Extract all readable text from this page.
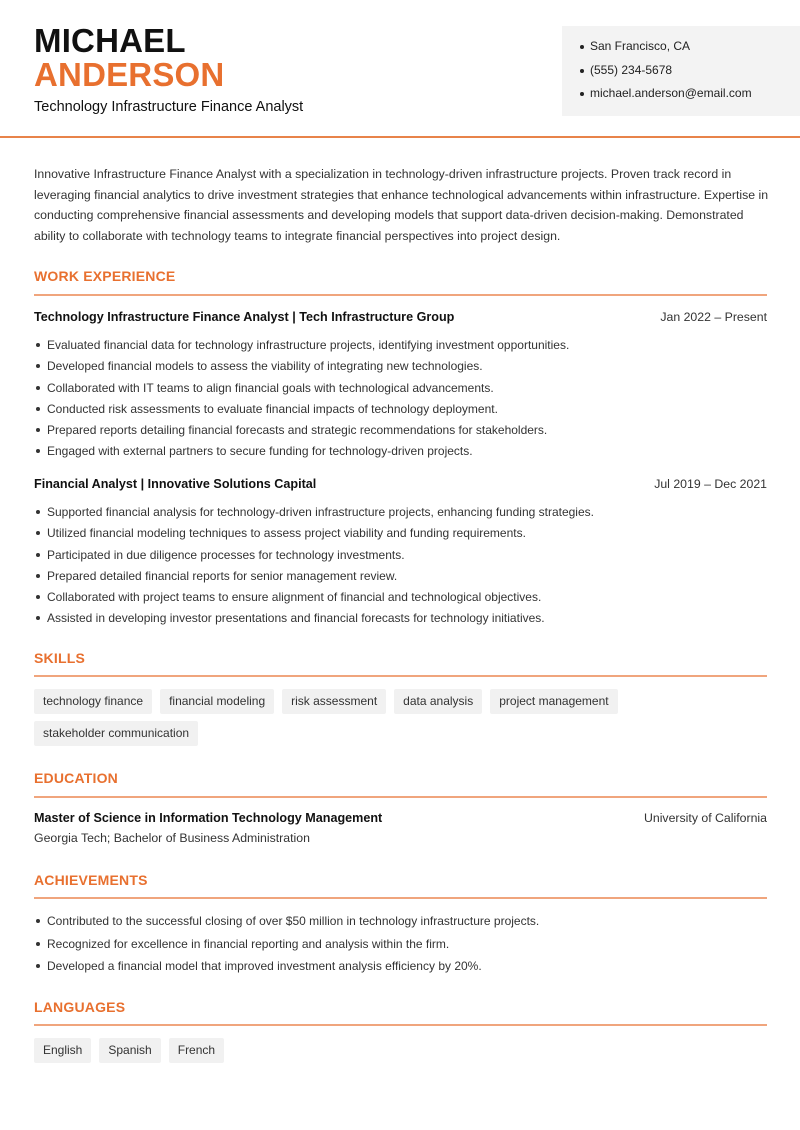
MICHAEL
ANDERSON
Technology Infrastructure Finance Analyst
San Francisco, CA
(555) 234-5678
michael.anderson@email.com
Innovative Infrastructure Finance Analyst with a specialization in technology-driven infrastructure projects. Proven track record in leveraging financial analytics to drive investment strategies that enhance technological advancements within infrastructure. Expertise in conducting comprehensive financial assessments and developing models that support data-driven decision-making. Demonstrated ability to collaborate with technology teams to integrate financial perspectives into project design.
WORK EXPERIENCE
Technology Infrastructure Finance Analyst | Tech Infrastructure Group	Jan 2022 – Present
Evaluated financial data for technology infrastructure projects, identifying investment opportunities.
Developed financial models to assess the viability of integrating new technologies.
Collaborated with IT teams to align financial goals with technological advancements.
Conducted risk assessments to evaluate financial impacts of technology deployment.
Prepared reports detailing financial forecasts and strategic recommendations for stakeholders.
Engaged with external partners to secure funding for technology-driven projects.
Financial Analyst | Innovative Solutions Capital	Jul 2019 – Dec 2021
Supported financial analysis for technology-driven infrastructure projects, enhancing funding strategies.
Utilized financial modeling techniques to assess project viability and funding requirements.
Participated in due diligence processes for technology investments.
Prepared detailed financial reports for senior management review.
Collaborated with project teams to ensure alignment of financial and technological objectives.
Assisted in developing investor presentations and financial forecasts for technology initiatives.
SKILLS
technology finance	financial modeling	risk assessment	data analysis	project management
stakeholder communication
EDUCATION
Master of Science in Information Technology Management	University of California
Georgia Tech; Bachelor of Business Administration
ACHIEVEMENTS
Contributed to the successful closing of over $50 million in technology infrastructure projects.
Recognized for excellence in financial reporting and analysis within the firm.
Developed a financial model that improved investment analysis efficiency by 20%.
LANGUAGES
English	Spanish	French
